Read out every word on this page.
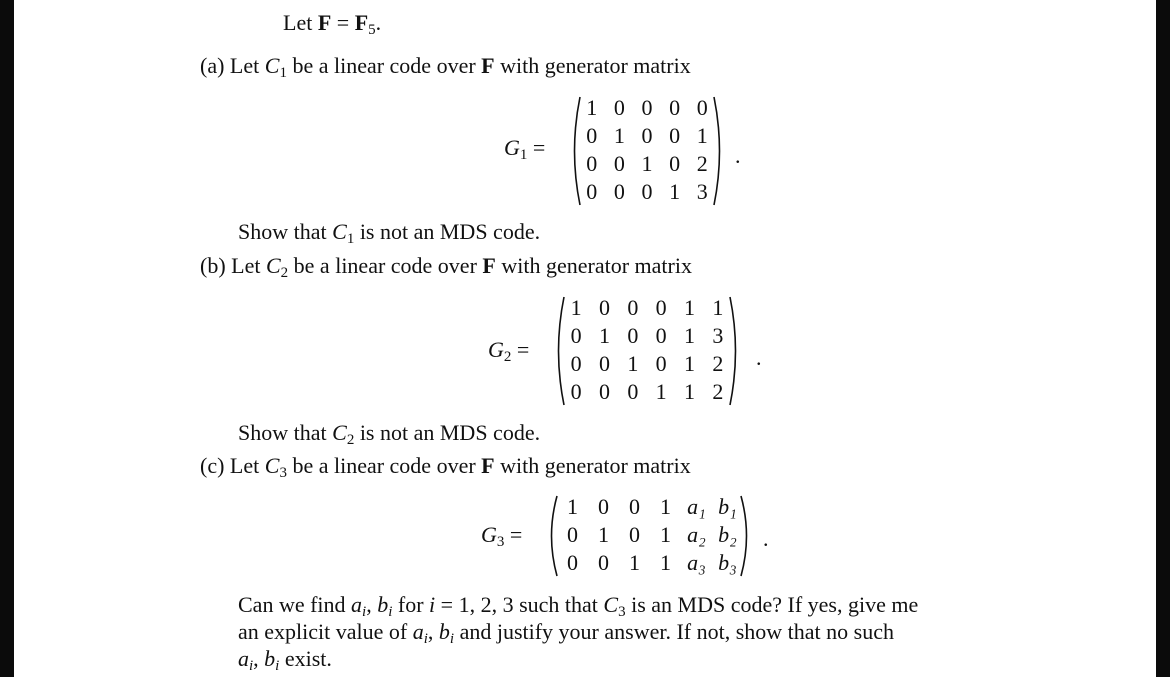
Let $F = F_5$.
(a) Let $C_1$ be a linear code over F with generator matrix
$G_1$ =
1 0 0 0 0
0 1 0 0 1
0 0 1 0 2
0 0 0 1 3
.
Show that $C_1$ is not an MDS code.
(b) Let $C_2$ be a linear code over F with generator matrix
$G_2$ =
1 0 0 0 1 1
0 1 0 0 1 3
0 0 1 0 1 2
0 0 0 1 1 2
.
Show that $C_2$ is not an MDS code.
(c) Let $C_3$ be a linear code over F with generator matrix
$G_3$ =
1 0 0 1 a₁ b₁
0 1 0 1 a₂ b₂
0 0 1 1 a₃ b₃
.
Can we find $a_i$, $b_i$ for i = 1, 2, 3 such that $C_3$ is an MDS code? If yes, give me
an explicit value of $a_i$, $b_i$ and justify your answer. If not, show that no such
$a_i$, $b_i$ exist.
